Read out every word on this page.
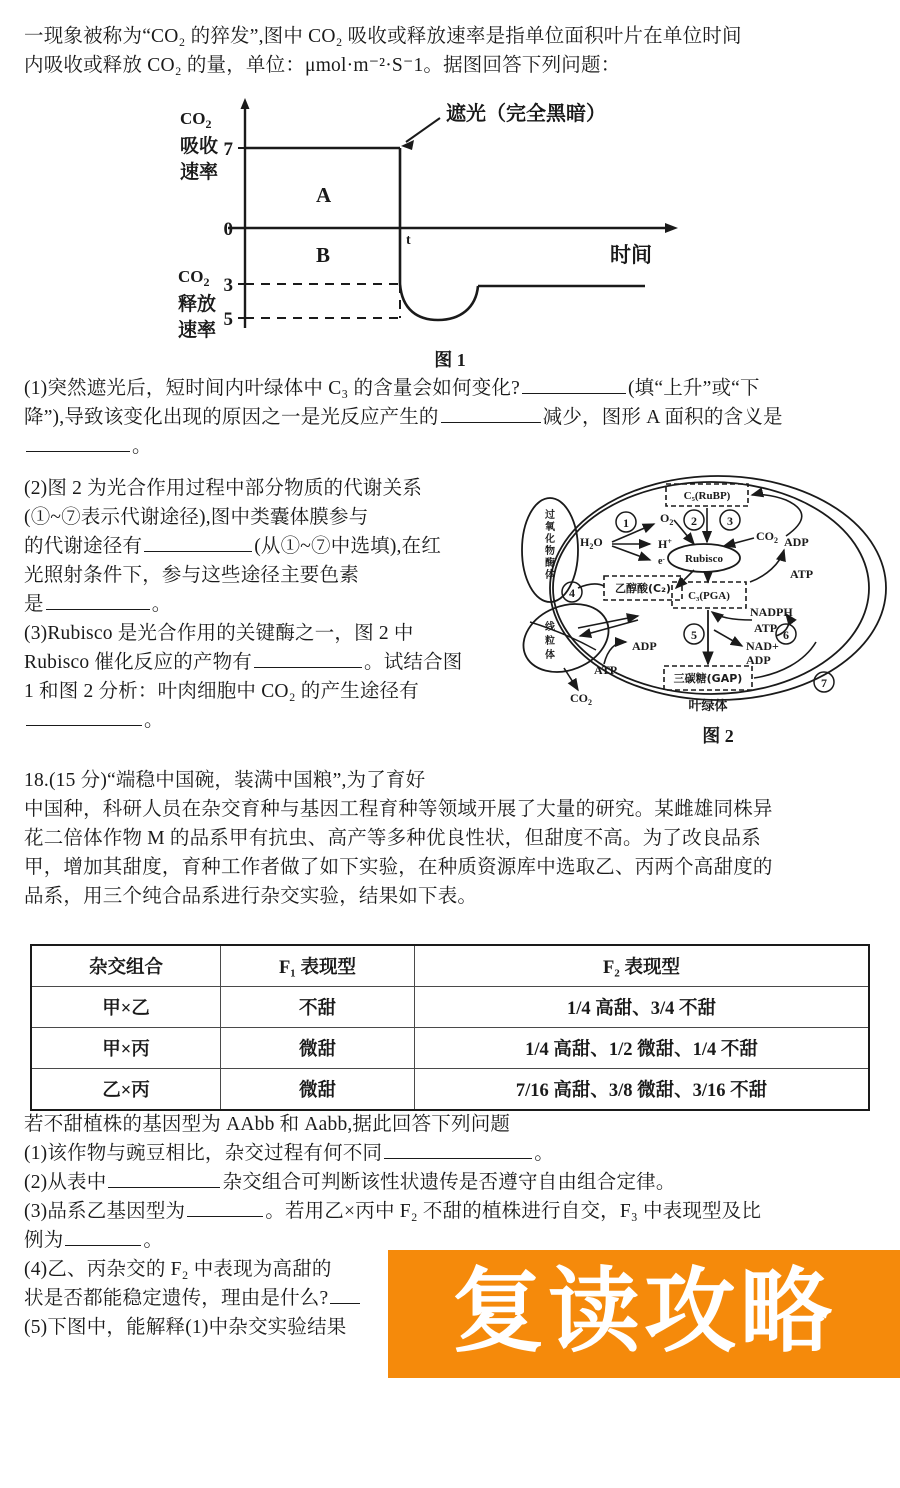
一现象被称为“CO₂ 的猝发”,图中 CO₂ 吸收或释放速率是指单位面积叶片在单位时间
内吸收或释放 CO₂ 的量，单位：μmol·m⁻²·S⁻1。据图回答下列问题：
7
0
3
5
$CO_2$
吸收
速率
$CO_2$
释放
速率
A
B
t
时间
遮光（完全黑暗）
图 1
(1)突然遮光后，短时间内叶绿体中 C₃ 的含量会如何变化?	(填“上升”或“下
降”),导致该变化出现的原因之一是光反应产生的	减少，图形 A 面积的含义是
。
(2)图 2 为光合作用过程中部分物质的代谢关系
(①~⑦表示代谢途径),图中类囊体膜参与
的代谢途径有	(从①~⑦中选填),在红
光照射条件下，参与这些途径主要色素
是	。
(3)Rubisco 是光合作用的关键酶之一，图 2 中
Rubisco 催化反应的产物有	。试结合图
1 和图 2 分析：叶肉细胞中 CO₂ 的产生途径有
。
过
氧
化
物
酶
体
线
粒
体
C₅(RuBP)
Rubisco
乙醇酸(C₂)
C₃(PGA)
三碳糖(GAP)
$H_2O$
$O_2$
H+
e-
$CO_2$ ADP
ATP
NADPH
ATP
NAD+
ADP
ADP
ATP
$CO_2$
1	2	3
4
5	6
7
叶绿体
图 2
18.(15 分)“端稳中国碗，装满中国粮”,为了育好
中国种，科研人员在杂交育种与基因工程育种等领域开展了大量的研究。某雌雄同株异
花二倍体作物 M 的品系甲有抗虫、高产等多种优良性状，但甜度不高。为了改良品系
甲，增加其甜度，育种工作者做了如下实验，在种质资源库中选取乙、丙两个高甜度的
品系，用三个纯合品系进行杂交实验，结果如下表。
杂交组合	F₁ 表现型	F₂ 表现型
甲×乙	不甜	1/4 高甜、3/4 不甜
甲×丙	微甜	1/4 高甜、1/2 微甜、1/4 不甜
乙×丙	微甜	7/16 高甜、3/8 微甜、3/16 不甜
若不甜植株的基因型为 AAbb 和 Aabb,据此回答下列问题
(1)该作物与豌豆相比，杂交过程有何不同	。
(2)从表中	杂交组合可判断该性状遗传是否遵守自由组合定律。
(3)品系乙基因型为	。若用乙×丙中 F₂ 不甜的植株进行自交，F₃ 中表现型及比
例为	。
(4)乙、丙杂交的 F₂ 中表现为高甜的
状是否都能稳定遗传，理由是什么?
(5)下图中，能解释(1)中杂交实验结果	复读攻略
